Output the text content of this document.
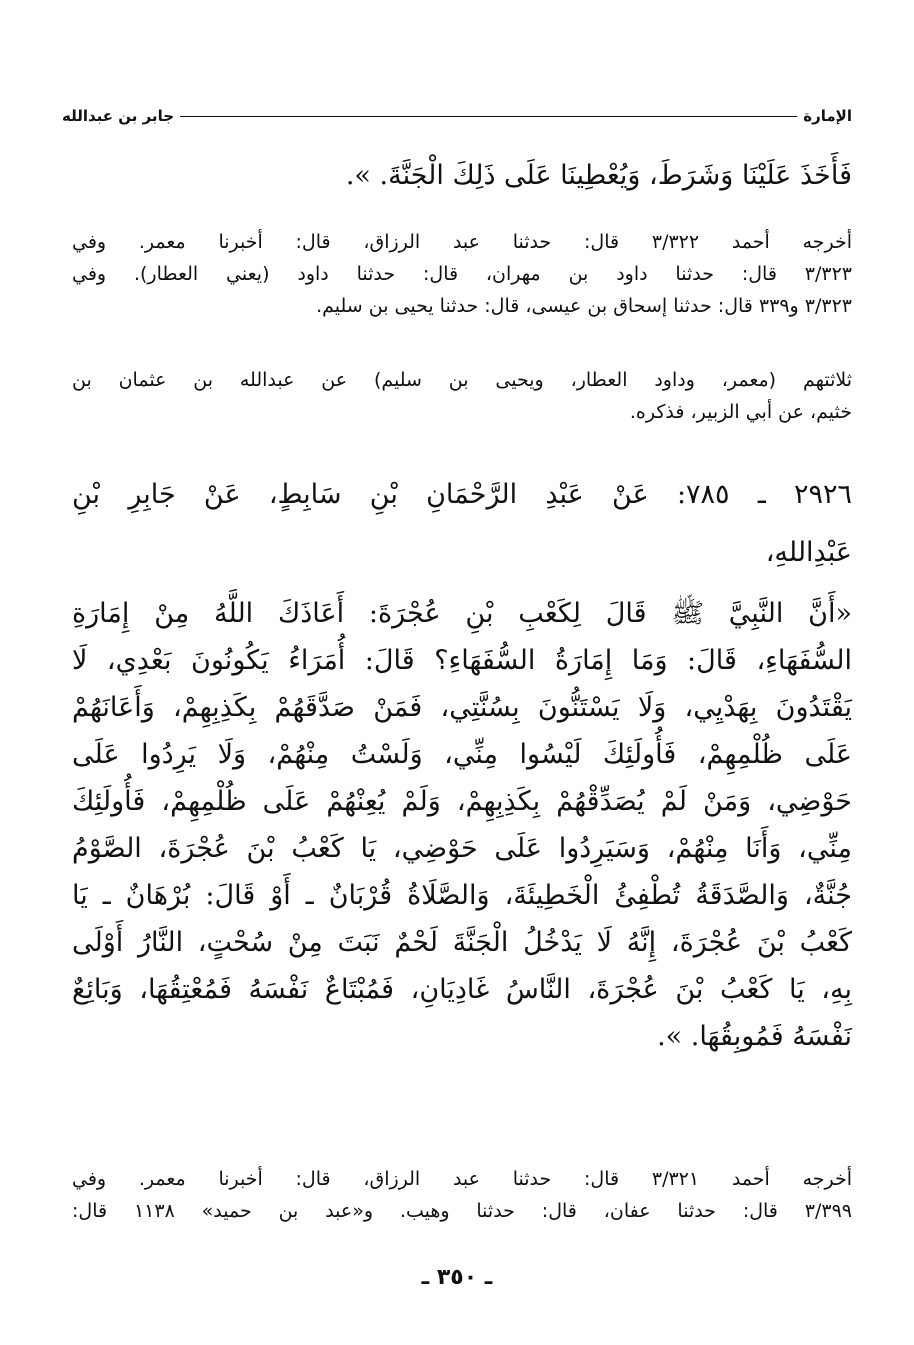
الإمارة
جابر بن عبدالله
فَأَخَذَ عَلَيْنَا وَشَرَطَ، وَيُعْطِينَا عَلَى ذَلِكَ الْجَنَّةَ. ».
أخرجه أحمد ٣/٣٢٢ قال: حدثنا عبد الرزاق، قال: أخبرنا معمر. وفي
٣/٣٢٣ قال: حدثنا داود بن مهران، قال: حدثنا داود (يعني العطار). وفي
٣/٣٢٣ و٣٣٩ قال: حدثنا إسحاق بن عيسى، قال: حدثنا يحيى بن سليم.
ثلاثتهم (معمر، وداود العطار، ويحيى بن سليم) عن عبدالله بن عثمان بن
خثيم، عن أبي الزبير، فذكره.
٢٩٢٦ ـ ٧٨٥: عَنْ عَبْدِ الرَّحْمَانِ بْنِ سَابِطٍ، عَنْ جَابِرِ بْنِ
عَبْدِاللهِ،
«أَنَّ النَّبِيَّ ﷺ قَالَ لِكَعْبِ بْنِ عُجْرَةَ: أَعَاذَكَ اللَّهُ مِنْ إِمَارَةِ
السُّفَهَاءِ، قَالَ: وَمَا إِمَارَةُ السُّفَهَاءِ؟ قَالَ: أُمَرَاءُ يَكُونُونَ بَعْدِي، لَا
يَقْتَدُونَ بِهَدْيِي، وَلَا يَسْتَنُّونَ بِسُنَّتِي، فَمَنْ صَدَّقَهُمْ بِكَذِبِهِمْ، وَأَعَانَهُمْ
عَلَى ظُلْمِهِمْ، فَأُولَئِكَ لَيْسُوا مِنِّي، وَلَسْتُ مِنْهُمْ، وَلَا يَرِدُوا عَلَى
حَوْضِي، وَمَنْ لَمْ يُصَدِّقْهُمْ بِكَذِبِهِمْ، وَلَمْ يُعِنْهُمْ عَلَى ظُلْمِهِمْ، فَأُولَئِكَ
مِنِّي، وَأَنَا مِنْهُمْ، وَسَيَرِدُوا عَلَى حَوْضِي، يَا كَعْبُ بْنَ عُجْرَةَ، الصَّوْمُ
جُنَّةٌ، وَالصَّدَقَةُ تُطْفِئُ الْخَطِيئَةَ، وَالصَّلَاةُ قُرْبَانٌ ـ أَوْ قَالَ: بُرْهَانٌ ـ يَا
كَعْبُ بْنَ عُجْرَةَ، إِنَّهُ لَا يَدْخُلُ الْجَنَّةَ لَحْمٌ نَبَتَ مِنْ سُحْتٍ، النَّارُ أَوْلَى
بِهِ، يَا كَعْبُ بْنَ عُجْرَةَ، النَّاسُ غَادِيَانِ، فَمُبْتَاعٌ نَفْسَهُ فَمُعْتِقُهَا، وَبَائِعٌ
نَفْسَهُ فَمُوبِقُهَا. ».
أخرجه أحمد ٣/٣٢١ قال: حدثنا عبد الرزاق، قال: أخبرنا معمر. وفي
٣/٣٩٩ قال: حدثنا عفان، قال: حدثنا وهيب. و«عبد بن حميد» ١١٣٨ قال:
ـ ٣٥٠ ـ
